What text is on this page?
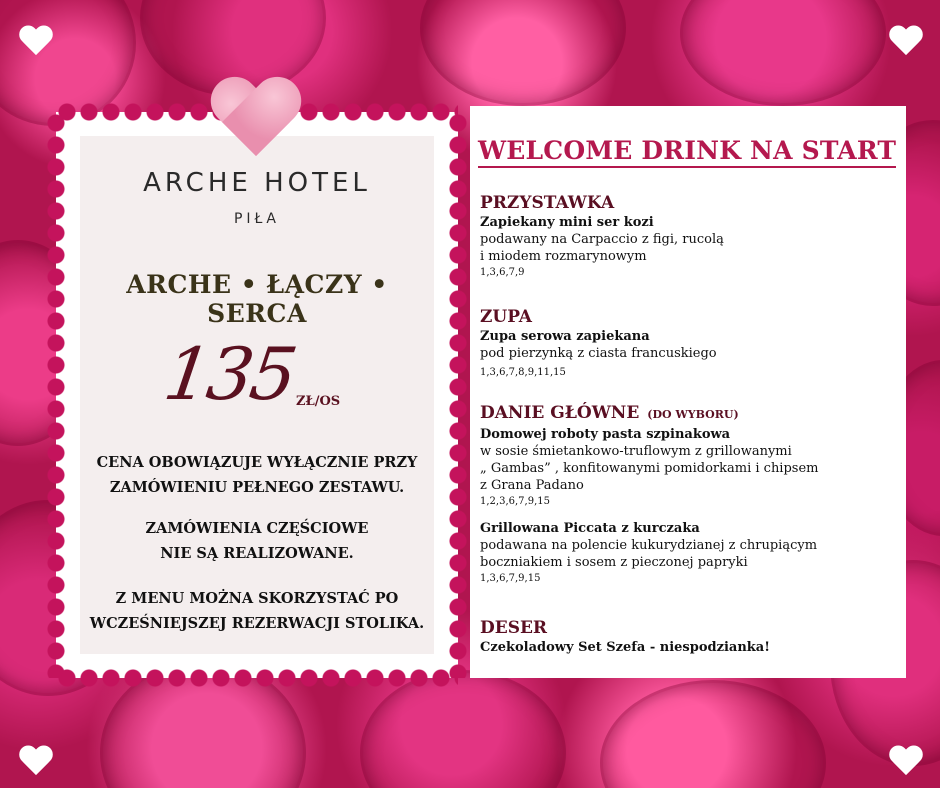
ARCHE HOTEL
PIŁA
ARCHE • ŁĄCZY • SERCA
135
ZŁ/OS
CENA OBOWIĄZUJE WYŁĄCZNIE PRZY
ZAMÓWIENIU PEŁNEGO ZESTAWU.
ZAMÓWIENIA CZĘŚCIOWE
NIE SĄ REALIZOWANE.
Z MENU MOŻNA SKORZYSTAĆ PO
WCZEŚNIEJSZEJ REZERWACJI STOLIKA.
WELCOME DRINK NA START
PRZYSTAWKA
Zapiekany mini ser kozi
podawany na Carpaccio z figi, rucolą
i miodem rozmarynowym
1,3,6,7,9
ZUPA
Zupa serowa zapiekana
pod pierzynką z ciasta francuskiego
1,3,6,7,8,9,11,15
DANIE GŁÓWNE (DO WYBORU)
Domowej roboty pasta szpinakowa
w sosie śmietankowo-truflowym z grillowanymi
„ Gambas” , konfitowanymi pomidorkami i chipsem
z Grana Padano
1,2,3,6,7,9,15
Grillowana Piccata z kurczaka
podawana na polencie kukurydzianej z chrupiącym
boczniakiem i sosem z pieczonej papryki
1,3,6,7,9,15
DESER
Czekoladowy Set Szefa - niespodzianka!
